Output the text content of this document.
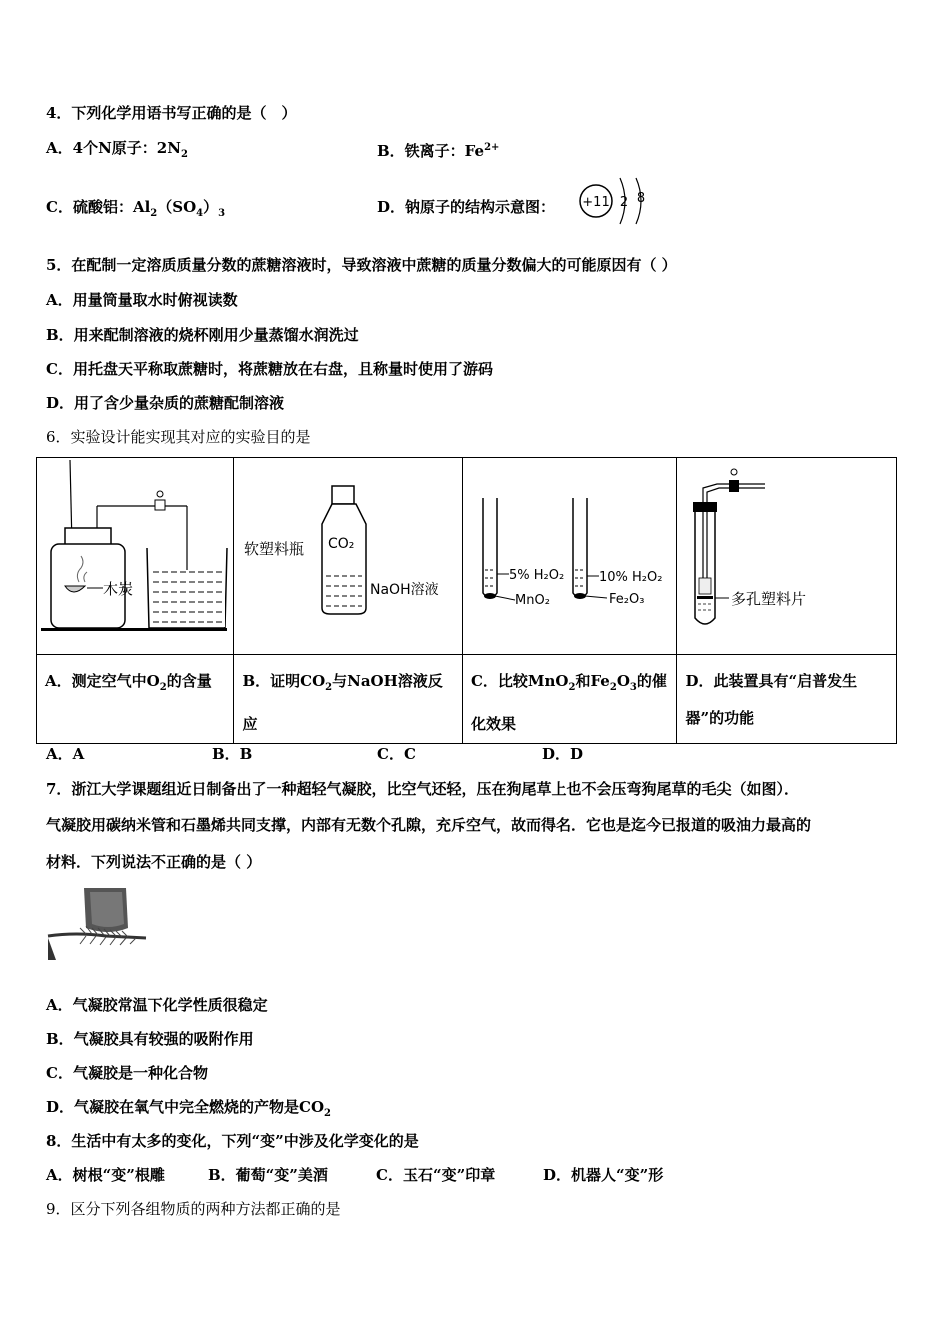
4．下列化学用语书写正确的是（　）
A．4个N原子：$2N_2$	B．铁离子：$Fe^{2+}$
C．硫酸铝：$Al_2(SO_4)_3$	D．钠原子的结构示意图： +11 2 8
5．在配制一定溶质质量分数的蔗糖溶液时，导致溶液中蔗糖的质量分数偏大的可能原因有（ ）
A．用量筒量取水时俯视读数
B．用来配制溶液的烧杯刚用少量蒸馏水润洗过
C．用托盘天平称取蔗糖时，将蔗糖放在右盘，且称量时使用了游码
D．用了含少量杂质的蔗糖配制溶液
6．实验设计能实现其对应的实验目的是
木炭	软塑料瓶 CO₂
NaOH溶液	5% H₂O₂
MnO₂
10% H₂O₂
Fe₂O₃	多孔塑料片

A．测定空气中$O_2$的含量	B．证明$CO_2$与NaOH溶液反应	C．比较MnO$_2$和$Fe_2O_3$的催化效果	D．此装置具有“启普发生器”的功能
A．A	B．B	C．C	D．D
7．浙江大学课题组近日制备出了一种超轻气凝胶，比空气还轻，压在狗尾草上也不会压弯狗尾草的毛尖（如图）．
气凝胶用碳纳米管和石墨烯共同支撑，内部有无数个孔隙，充斥空气，故而得名．它也是迄今已报道的吸油力最高的
材料．下列说法不正确的是（ ）
A．气凝胶常温下化学性质很稳定
B．气凝胶具有较强的吸附作用
C．气凝胶是一种化合物
D．气凝胶在氧气中完全燃烧的产物是$CO_2$
8．生活中有太多的变化，下列“变”中涉及化学变化的是
A．树根“变”根雕	B．葡萄“变”美酒	C．玉石“变”印章	D．机器人“变”形
9．区分下列各组物质的两种方法都正确的是
